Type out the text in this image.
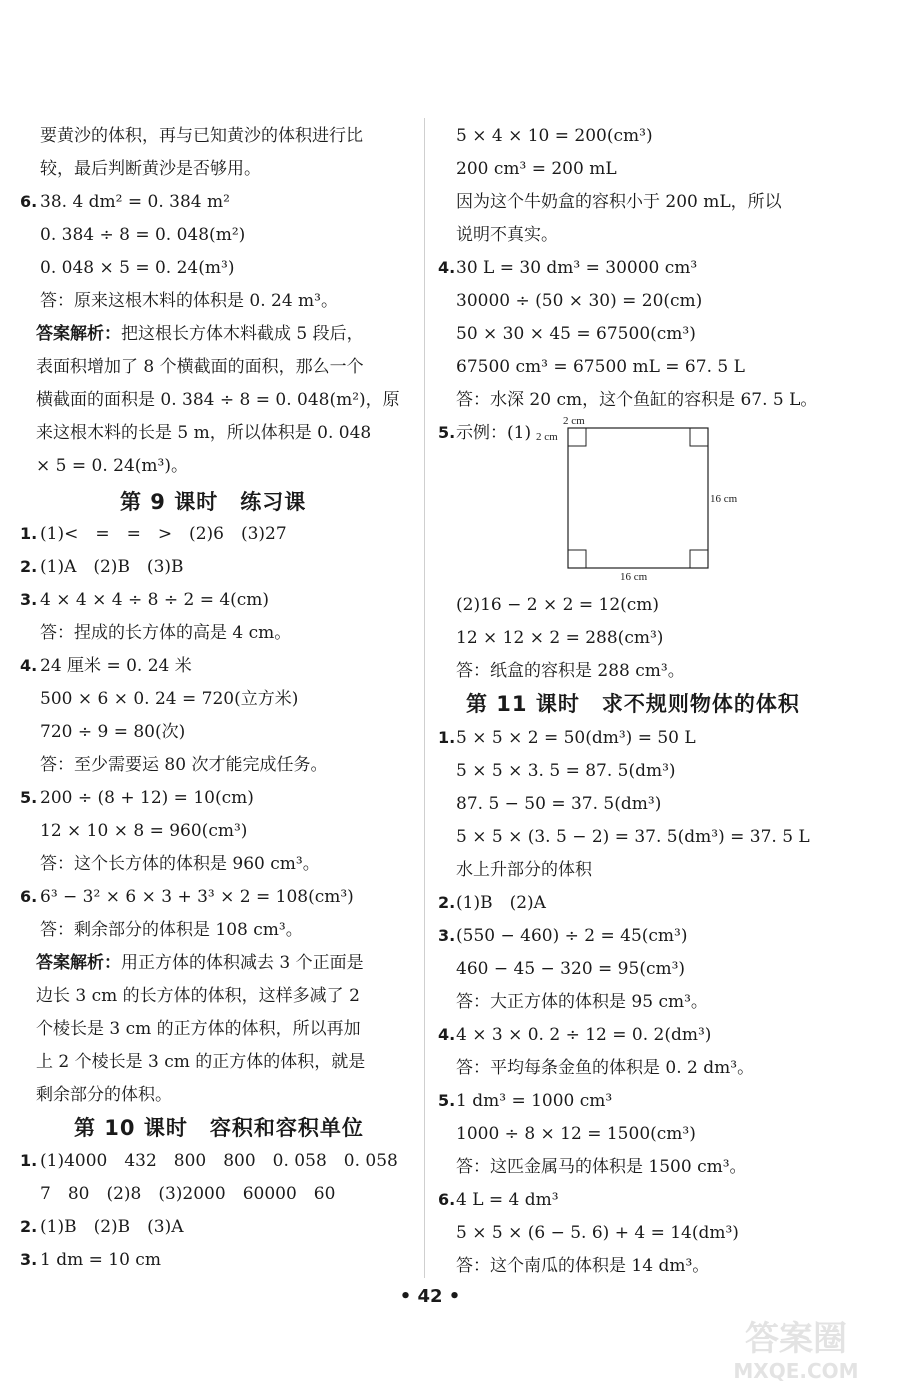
要黄沙的体积，再与已知黄沙的体积进行比
较，最后判断黄沙是否够用。
6. 38. 4 dm² = 0. 384 m²
0. 384 ÷ 8 = 0. 048(m²)
0. 048 × 5 = 0. 24(m³)
答：原来这根木料的体积是 0. 24 m³。
答案解析：把这根长方体木料截成 5 段后，
表面积增加了 8 个横截面的面积，那么一个
横截面的面积是 0. 384 ÷ 8 = 0. 048(m²)，原
来这根木料的长是 5 m，所以体积是 0. 048
× 5 = 0. 24(m³)。
第 9 课时　练习课
1. (1)<　=　=　>　(2)6　(3)27
2. (1)A　(2)B　(3)B
3. 4 × 4 × 4 ÷ 8 ÷ 2 = 4(cm)
答：捏成的长方体的高是 4 cm。
4. 24 厘米 = 0. 24 米
500 × 6 × 0. 24 = 720(立方米)
720 ÷ 9 = 80(次)
答：至少需要运 80 次才能完成任务。
5. 200 ÷ (8 + 12) = 10(cm)
12 × 10 × 8 = 960(cm³)
答：这个长方体的体积是 960 cm³。
6. 6³ − 3² × 6 × 3 + 3³ × 2 = 108(cm³)
答：剩余部分的体积是 108 cm³。
答案解析：用正方体的体积减去 3 个正面是
边长 3 cm 的长方体的体积，这样多减了 2
个棱长是 3 cm 的正方体的体积，所以再加
上 2 个棱长是 3 cm 的正方体的体积，就是
剩余部分的体积。
第 10 课时　容积和容积单位
1. (1)4000　432　800　800　0. 058　0. 058
7　80　(2)8　(3)2000　60000　60
2. (1)B　(2)B　(3)A
3. 1 dm = 10 cm
5 × 4 × 10 = 200(cm³)
200 cm³ = 200 mL
因为这个牛奶盒的容积小于 200 mL，所以
说明不真实。
4. 30 L = 30 dm³ = 30000 cm³
30000 ÷ (50 × 30) = 20(cm)
50 × 30 × 45 = 67500(cm³)
67500 cm³ = 67500 mL = 67. 5 L
答：水深 20 cm，这个鱼缸的容积是 67. 5 L。
5. 示例：(1)
(2)16 − 2 × 2 = 12(cm)
12 × 12 × 2 = 288(cm³)
答：纸盒的容积是 288 cm³。
第 11 课时　求不规则物体的体积
1. 5 × 5 × 2 = 50(dm³) = 50 L
5 × 5 × 3. 5 = 87. 5(dm³)
87. 5 − 50 = 37. 5(dm³)
5 × 5 × (3. 5 − 2) = 37. 5(dm³) = 37. 5 L
水上升部分的体积
2. (1)B　(2)A
3. (550 − 460) ÷ 2 = 45(cm³)
460 − 45 − 320 = 95(cm³)
答：大正方体的体积是 95 cm³。
4. 4 × 3 × 0. 2 ÷ 12 = 0. 2(dm³)
答：平均每条金鱼的体积是 0. 2 dm³。
5. 1 dm³ = 1000 cm³
1000 ÷ 8 × 12 = 1500(cm³)
答：这匹金属马的体积是 1500 cm³。
6. 4 L = 4 dm³
5 × 5 × (6 − 5. 6) + 4 = 14(dm³)
答：这个南瓜的体积是 14 dm³。
2 cm
2 cm
16 cm
16 cm
• 42 •
答案圈
MXQE.COM
